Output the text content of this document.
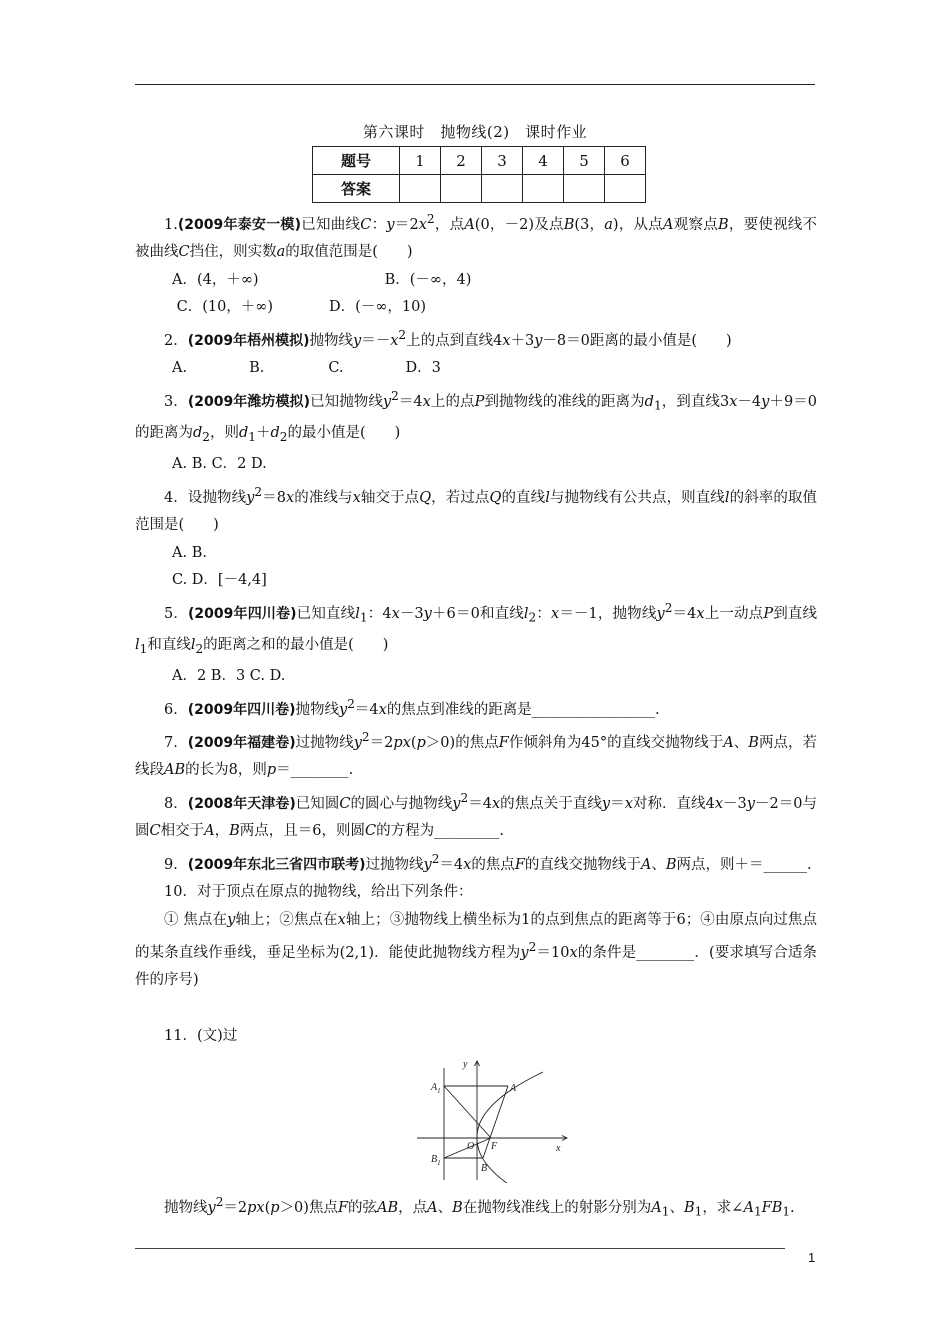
第六课时　抛物线(2)　课时作业
题号	1	2	3	4	5	6
答案						

1.(2009年泰安一模)已知曲线C：$y=2x^2$，点A(0，－2)及点B(3，a)，从点A观察点B，要使视线不被曲线C挡住，则实数a的取值范围是(　　)

A．(4，＋∞)	B．(－∞，4)

C．(10，＋∞)	D．(－∞，10)

2．(2009年梧州模拟)抛物线$y=-x^2$上的点到直线4x＋3y－8＝0距离的最小值是(　　)

A.	B.	C.	D．3

3．(2009年潍坊模拟)已知抛物线$y^2=4x$上的点P到抛物线的准线的距离为$d_1$，到直线3x－4y＋9＝0的距离为$d_2$，则$d_1+d_2$的最小值是(　　)

A. B. C．2 D.

4．设抛物线$y^2=8x$的准线与x轴交于点Q，若过点Q的直线l与抛物线有公共点，则直线l的斜率的取值范围是(　　)

A. B.

C. D．[－4,4]

5．(2009年四川卷)已知直线$l_1$：4x－3y＋6＝0和直线$l_2$：x＝－1，抛物线$y^2=4x$上一动点P到直线$l_1$和直线$l_2$的距离之和的最小值是(　　)

A．2 B．3 C. D.

6．(2009年四川卷)抛物线$y^2=4x$的焦点到准线的距离是_________________.

7．(2009年福建卷)过抛物线$y^2=2px(p>0)$的焦点F作倾斜角为45°的直线交抛物线于A、B两点，若线段AB的长为8，则p＝________.

8．(2008年天津卷)已知圆C的圆心与抛物线$y^2=4x$的焦点关于直线y＝x对称．直线4x－3y－2＝0与圆C相交于A，B两点，且＝6，则圆C的方程为_________.

9．(2009年东北三省四市联考)过抛物线$y^2=4x$的焦点F的直线交抛物线于A、B两点，则＋＝______.

10．对于顶点在原点的抛物线，给出下列条件：

① 焦点在y轴上；②焦点在x轴上；③抛物线上横坐标为1的点到焦点的距离等于6；④由原点向过焦点的某条直线作垂线，垂足坐标为(2,1)．能使此抛物线方程为$y^2=10x$的条件是________．(要求填写合适条件的序号)

11．(文)过

y
x
$A_1$	A
O F
$B_1$	B

抛物线$y^2=2px(p>0)$焦点F的弦AB，点A、B在抛物线准线上的射影分别为$A_1$、$B_1$，求$\angle A_1FB_1$.

1
